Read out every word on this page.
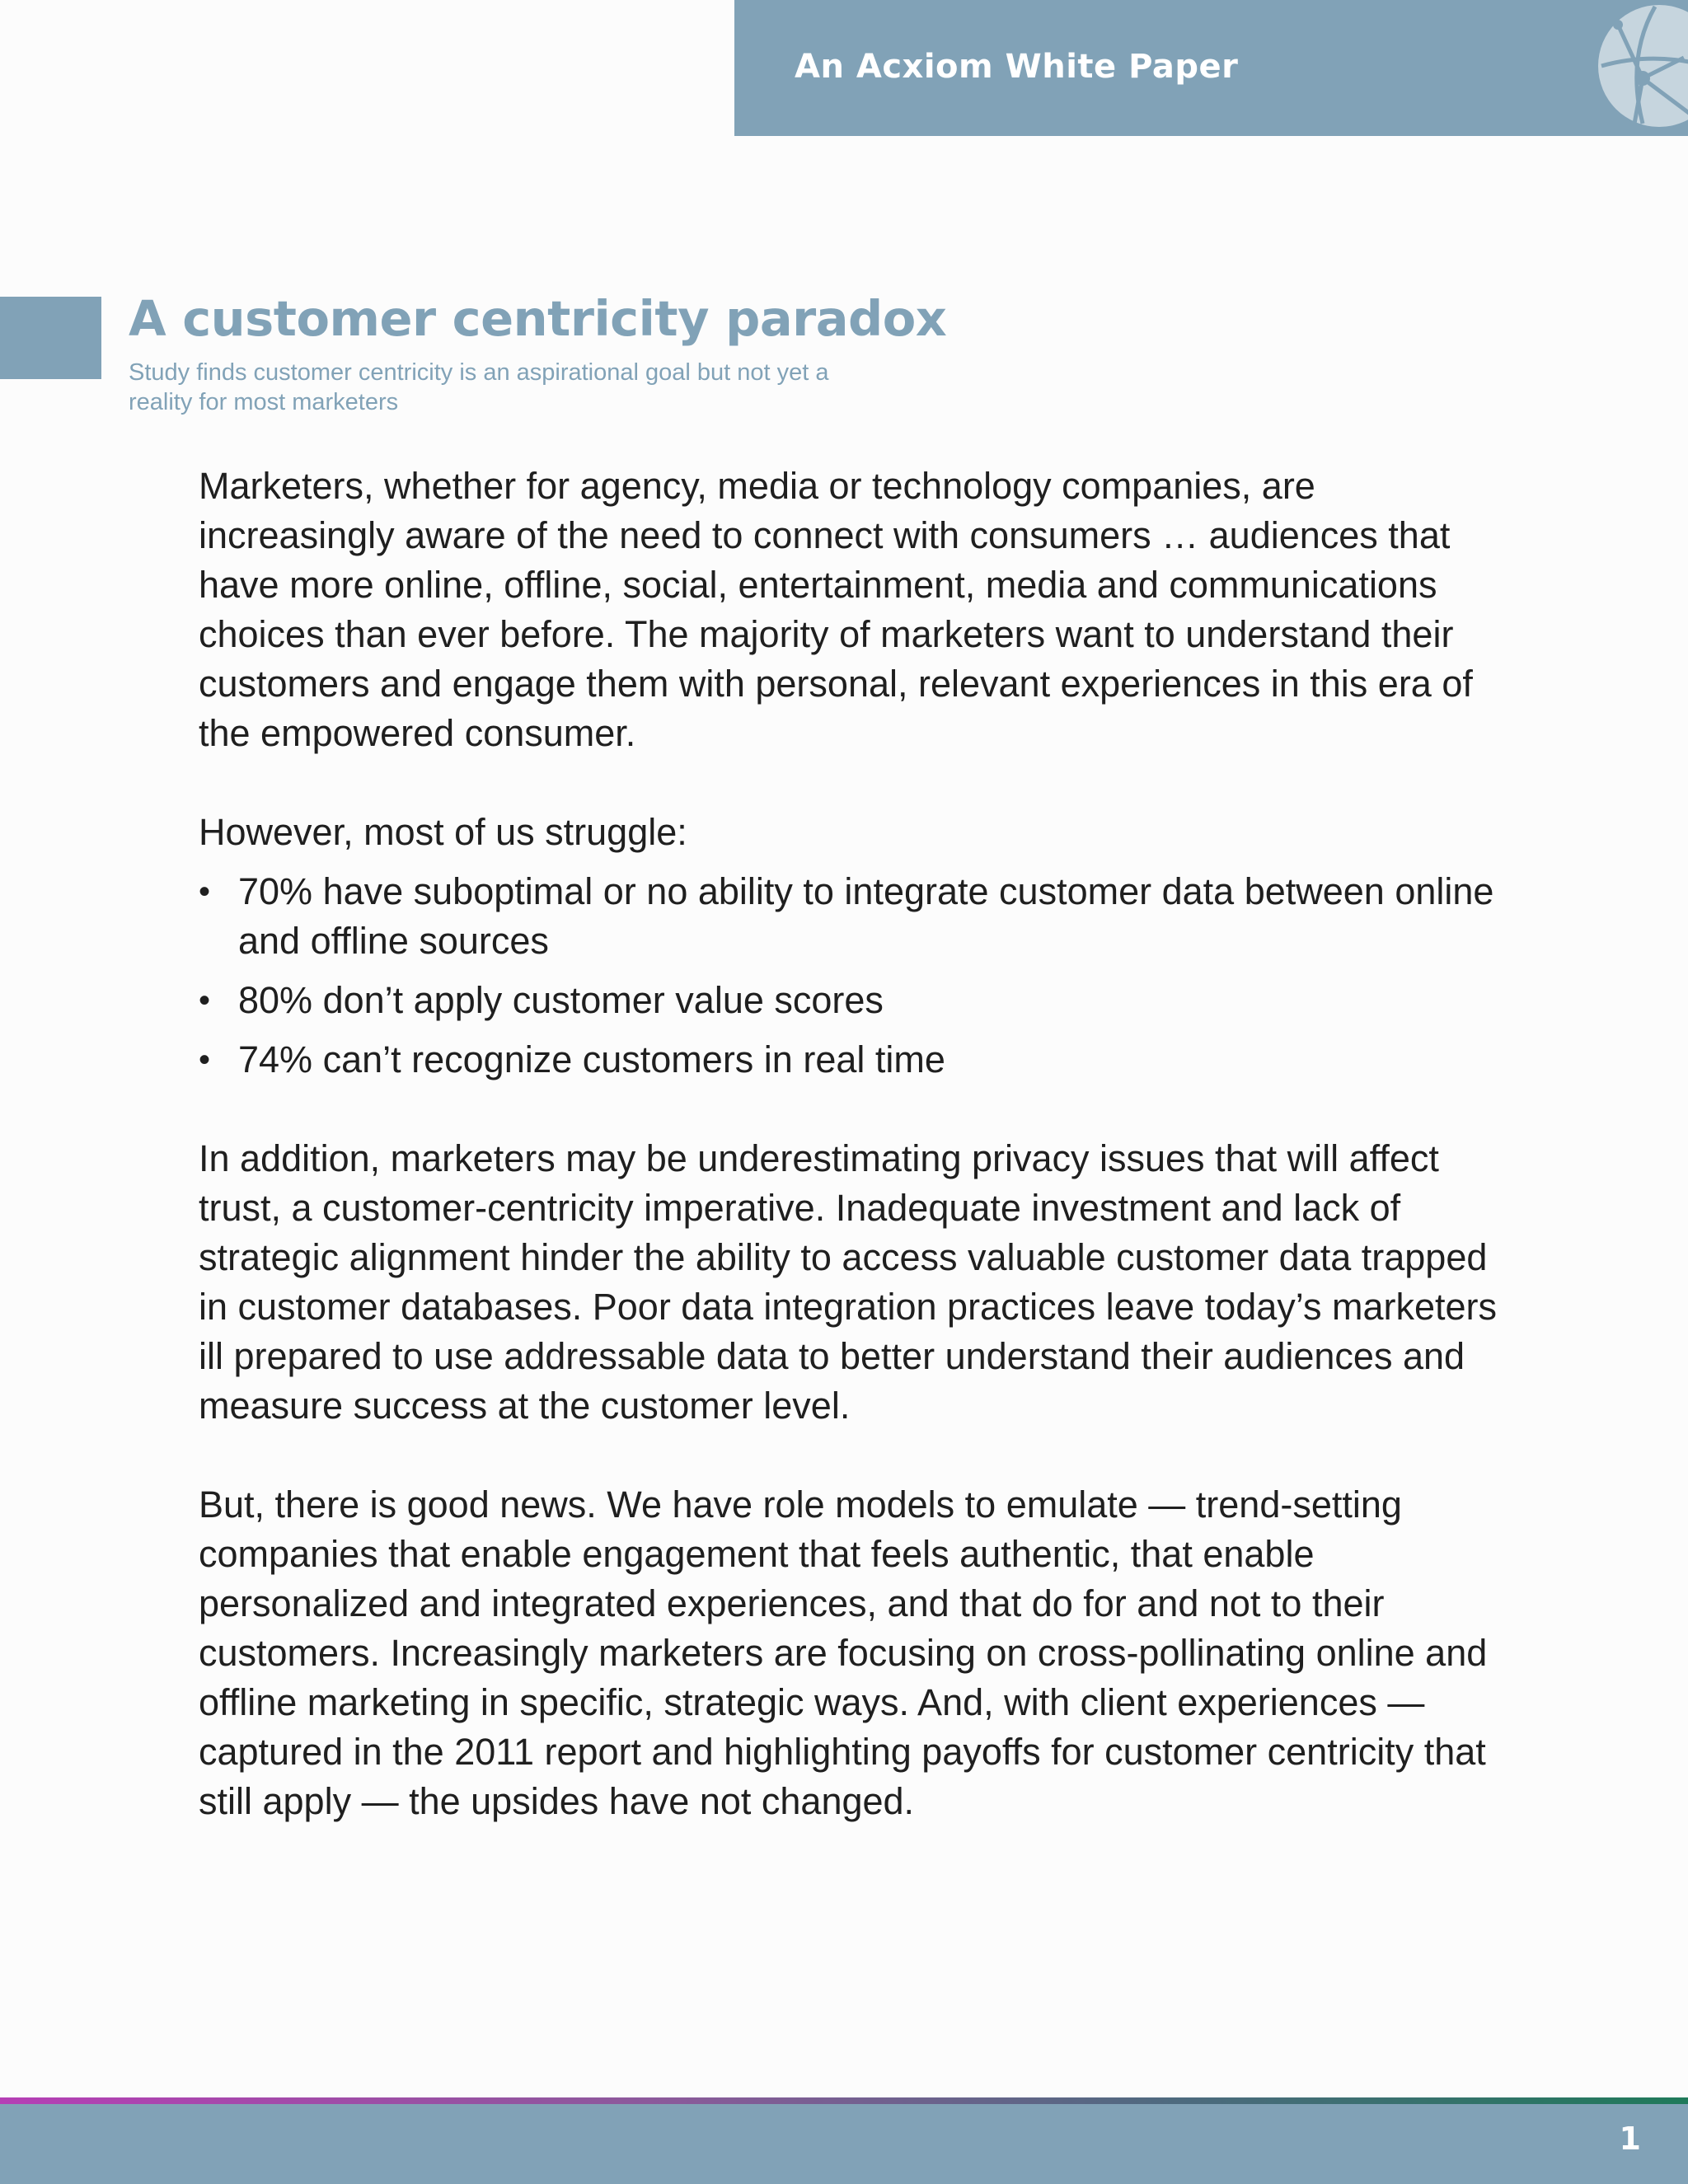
An Acxiom White Paper
A customer centricity paradox

Study finds customer centricity is an aspirational goal but not yet a reality for most marketers

Marketers, whether for agency, media or technology companies, are increasingly aware of the need to connect with consumers … audiences that have more online, offline, social, entertainment, media and communications choices than ever before. The majority of marketers want to understand their customers and engage them with personal, relevant experiences in this era of the empowered consumer.

However, most of us struggle:

• 70% have suboptimal or no ability to integrate customer data between online and offline sources
• 80% don’t apply customer value scores
• 74% can’t recognize customers in real time

In addition, marketers may be underestimating privacy issues that will affect trust, a customer-centricity imperative. Inadequate investment and lack of strategic alignment hinder the ability to access valuable customer data trapped in customer databases. Poor data integration practices leave today’s marketers ill prepared to use addressable data to better understand their audiences and measure success at the customer level.

But, there is good news. We have role models to emulate — trend-setting companies that enable engagement that feels authentic, that enable personalized and integrated experiences, and that do for and not to their customers. Increasingly marketers are focusing on cross-pollinating online and offline marketing in specific, strategic ways. And, with client experiences — captured in the 2011 report and highlighting payoffs for customer centricity that still apply — the upsides have not changed.

1
